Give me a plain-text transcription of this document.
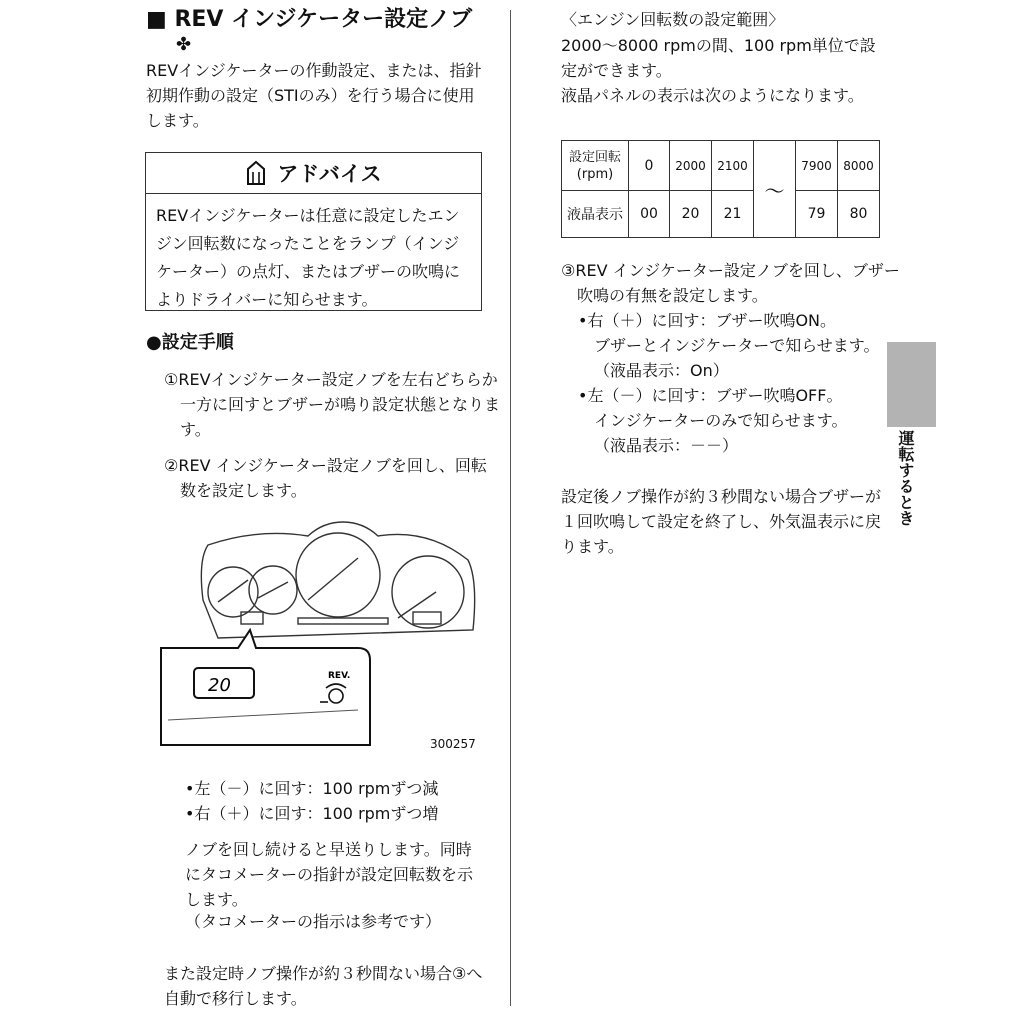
■ REV インジケーター設定ノブ
✤

REVインジケーターの作動設定、または、指針初期作動の設定（STIのみ）を行う場合に使用します。

アドバイス
REVインジケーターは任意に設定したエンジン回転数になったことをランプ（インジケーター）の点灯、またはブザーの吹鳴によりドライバーに知らせます。
●設定手順

①REVインジケーター設定ノブを左右どちらか一方に回すとブザーが鳴り設定状態となります。

②REV インジケーター設定ノブを回し、回転数を設定します。

20	REV.
300257

•左（－）に回す：100 rpmずつ減

•右（＋）に回す：100 rpmずつ増

ノブを回し続けると早送りします。同時にタコメーターの指針が設定回転数を示します。

（タコメーターの指示は参考です）

また設定時ノブ操作が約３秒間ない場合③へ自動で移行します。

〈エンジン回転数の設定範囲〉

2000～8000 rpmの間、100 rpm単位で設定ができます。

液晶パネルの表示は次のようになります。

設定回転(rpm)	0	2000	2100	～	7900	8000
液晶表示	00	20	21		79	80

③REV インジケーター設定ノブを回し、ブザー吹鳴の有無を設定します。

•右（＋）に回す：ブザー吹鳴ON。

ブザーとインジケーターで知らせます。（液晶表示：On）

•左（－）に回す：ブザー吹鳴OFF。

インジケーターのみで知らせます。

（液晶表示：－－）

設定後ノブ操作が約３秒間ない場合ブザーが１回吹鳴して設定を終了し、外気温表示に戻ります。

運転するとき
